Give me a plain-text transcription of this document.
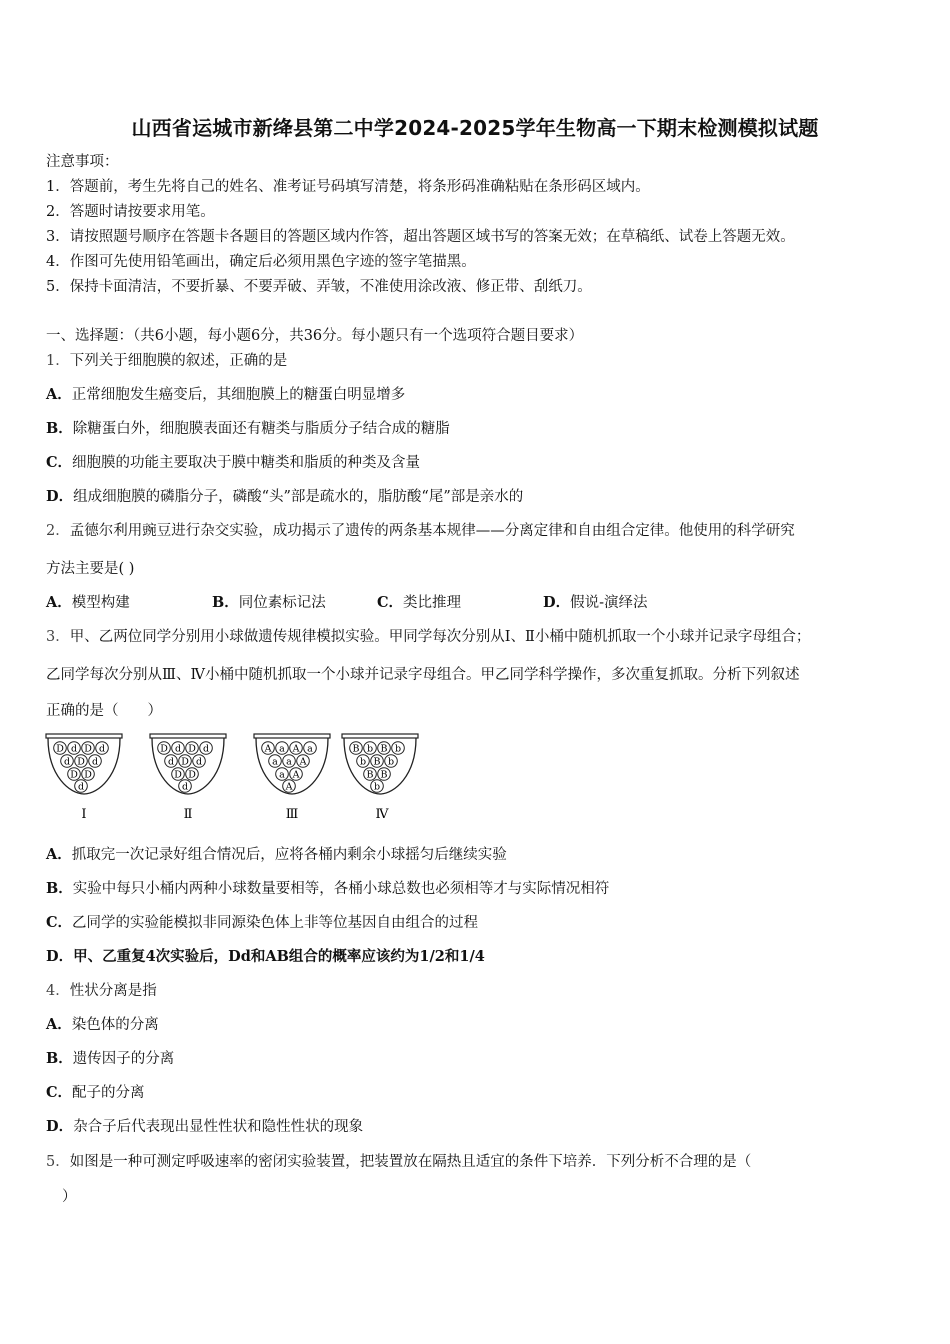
山西省运城市新绛县第二中学2024-2025学年生物高一下期末检测模拟试题
注意事项：
1．答题前，考生先将自己的姓名、准考证号码填写清楚，将条形码准确粘贴在条形码区域内。
2．答题时请按要求用笔。
3．请按照题号顺序在答题卡各题目的答题区域内作答，超出答题区域书写的答案无效；在草稿纸、试卷上答题无效。
4．作图可先使用铅笔画出，确定后必须用黑色字迹的签字笔描黑。
5．保持卡面清洁，不要折暴、不要弄破、弄皱，不准使用涂改液、修正带、刮纸刀。
一、选择题：（共6小题，每小题6分，共36分。每小题只有一个选项符合题目要求）
1．下列关于细胞膜的叙述，正确的是
A．正常细胞发生癌变后，其细胞膜上的糖蛋白明显增多
B．除糖蛋白外，细胞膜表面还有糖类与脂质分子结合成的糖脂
C．细胞膜的功能主要取决于膜中糖类和脂质的种类及含量
D．组成细胞膜的磷脂分子，磷酸“头”部是疏水的，脂肪酸“尾”部是亲水的
2．孟德尔利用豌豆进行杂交实验，成功揭示了遗传的两条基本规律——分离定律和自由组合定律。他使用的科学研究
方法主要是( )
A．模型构建	B．同位素标记法	C．类比推理	D．假说-演绎法
3．甲、乙两位同学分别用小球做遗传规律模拟实验。甲同学每次分别从Ⅰ、Ⅱ小桶中随机抓取一个小球并记录字母组合；
乙同学每次分别从Ⅲ、Ⅳ小桶中随机抓取一个小球并记录字母组合。甲乙同学科学操作，多次重复抓取。分析下列叙述
正确的是（　　）
D d D d
d D d
D D
d
Ⅰ
D d D d
d D d
D D
d
Ⅱ
A a A a
a a A
a A
A
Ⅲ
B b B b
b B b
B B
b
Ⅳ
A．抓取完一次记录好组合情况后，应将各桶内剩余小球摇匀后继续实验
B．实验中每只小桶内两种小球数量要相等，各桶小球总数也必须相等才与实际情况相符
C．乙同学的实验能模拟非同源染色体上非等位基因自由组合的过程
D．甲、乙重复4次实验后，Dd和AB组合的概率应该约为1/2和1/4
4．性状分离是指
A．染色体的分离
B．遗传因子的分离
C．配子的分离
D．杂合子后代表现出显性性状和隐性性状的现象
5．如图是一种可测定呼吸速率的密闭实验装置，把装置放在隔热且适宜的条件下培养．下列分析不合理的是（
）
